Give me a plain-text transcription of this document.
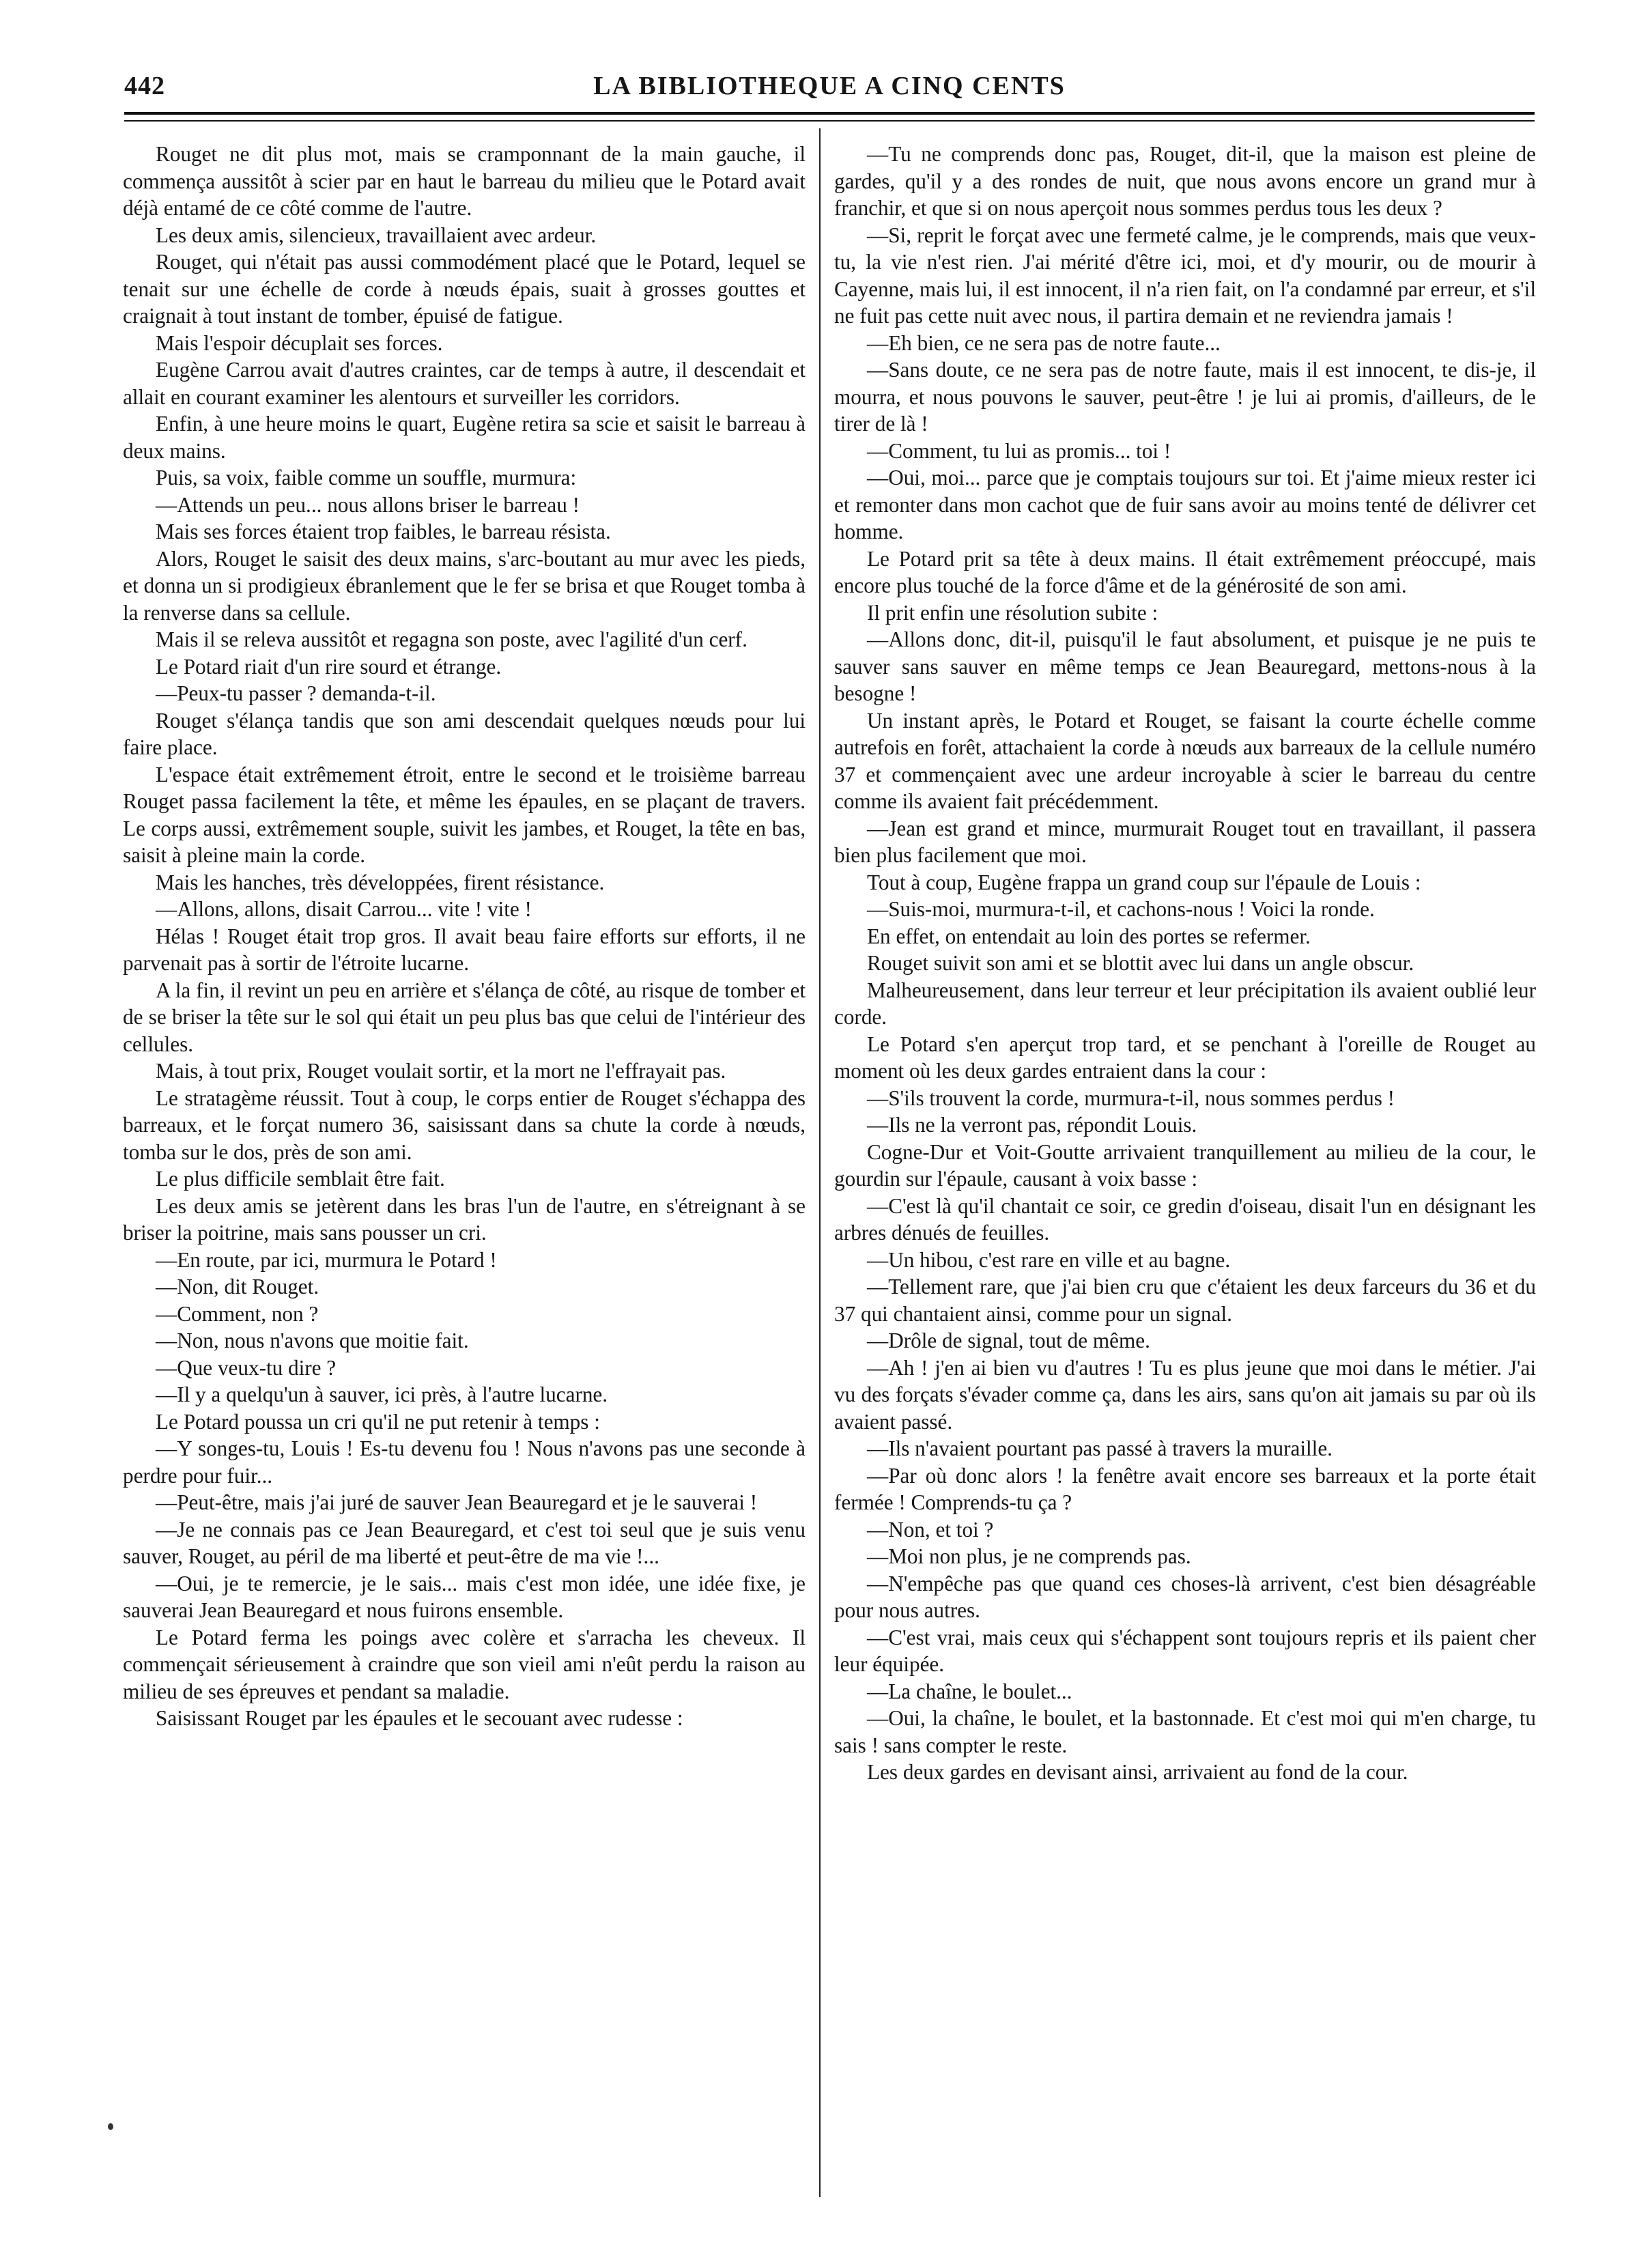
442	LA BIBLIOTHEQUE A CINQ CENTS

Rouget ne dit plus mot, mais se cramponnant de la main gauche, il commença aussitôt à scier par en haut le barreau du milieu que le Potard avait déjà entamé de ce côté comme de l'autre.

Les deux amis, silencieux, travaillaient avec ardeur.

Rouget, qui n'était pas aussi commodément placé que le Potard, lequel se tenait sur une échelle de corde à nœuds épais, suait à grosses gouttes et craignait à tout instant de tomber, épuisé de fatigue.

Mais l'espoir décuplait ses forces.

Eugène Carrou avait d'autres craintes, car de temps à autre, il descendait et allait en courant examiner les alentours et surveiller les corridors.

Enfin, à une heure moins le quart, Eugène retira sa scie et saisit le barreau à deux mains.

Puis, sa voix, faible comme un souffle, murmura:

—Attends un peu... nous allons briser le barreau !

Mais ses forces étaient trop faibles, le barreau résista.

Alors, Rouget le saisit des deux mains, s'arc-boutant au mur avec les pieds, et donna un si prodigieux ébranlement que le fer se brisa et que Rouget tomba à la renverse dans sa cellule.

Mais il se releva aussitôt et regagna son poste, avec l'agilité d'un cerf.

Le Potard riait d'un rire sourd et étrange.

—Peux-tu passer ? demanda-t-il.

Rouget s'élança tandis que son ami descendait quelques nœuds pour lui faire place.

L'espace était extrêmement étroit, entre le second et le troisième barreau Rouget passa facilement la tête, et même les épaules, en se plaçant de travers. Le corps aussi, extrêmement souple, suivit les jambes, et Rouget, la tête en bas, saisit à pleine main la corde.

Mais les hanches, très développées, firent résistance.

—Allons, allons, disait Carrou... vite ! vite !

Hélas ! Rouget était trop gros. Il avait beau faire efforts sur efforts, il ne parvenait pas à sortir de l'étroite lucarne.

A la fin, il revint un peu en arrière et s'élança de côté, au risque de tomber et de se briser la tête sur le sol qui était un peu plus bas que celui de l'intérieur des cellules.

Mais, à tout prix, Rouget voulait sortir, et la mort ne l'effrayait pas.

Le stratagème réussit. Tout à coup, le corps entier de Rouget s'échappa des barreaux, et le forçat numero 36, saisissant dans sa chute la corde à nœuds, tomba sur le dos, près de son ami.

Le plus difficile semblait être fait.

Les deux amis se jetèrent dans les bras l'un de l'autre, en s'étreignant à se briser la poitrine, mais sans pousser un cri.

—En route, par ici, murmura le Potard !

—Non, dit Rouget.

—Comment, non ?

—Non, nous n'avons que moitie fait.

—Que veux-tu dire ?

—Il y a quelqu'un à sauver, ici près, à l'autre lucarne.

Le Potard poussa un cri qu'il ne put retenir à temps :

—Y songes-tu, Louis ! Es-tu devenu fou ! Nous n'avons pas une seconde à perdre pour fuir...

—Peut-être, mais j'ai juré de sauver Jean Beauregard et je le sauverai !

—Je ne connais pas ce Jean Beauregard, et c'est toi seul que je suis venu sauver, Rouget, au péril de ma liberté et peut-être de ma vie !...

—Oui, je te remercie, je le sais... mais c'est mon idée, une idée fixe, je sauverai Jean Beauregard et nous fuirons ensemble.

Le Potard ferma les poings avec colère et s'arracha les cheveux. Il commençait sérieusement à craindre que son vieil ami n'eût perdu la raison au milieu de ses épreuves et pendant sa maladie.

Saisissant Rouget par les épaules et le secouant avec rudesse :

—Tu ne comprends donc pas, Rouget, dit-il, que la maison est pleine de gardes, qu'il y a des rondes de nuit, que nous avons encore un grand mur à franchir, et que si on nous aperçoit nous sommes perdus tous les deux ?

—Si, reprit le forçat avec une fermeté calme, je le comprends, mais que veux-tu, la vie n'est rien. J'ai mérité d'être ici, moi, et d'y mourir, ou de mourir à Cayenne, mais lui, il est innocent, il n'a rien fait, on l'a condamné par erreur, et s'il ne fuit pas cette nuit avec nous, il partira demain et ne reviendra jamais !

—Eh bien, ce ne sera pas de notre faute...

—Sans doute, ce ne sera pas de notre faute, mais il est innocent, te dis-je, il mourra, et nous pouvons le sauver, peut-être ! je lui ai promis, d'ailleurs, de le tirer de là !

—Comment, tu lui as promis... toi !

—Oui, moi... parce que je comptais toujours sur toi. Et j'aime mieux rester ici et remonter dans mon cachot que de fuir sans avoir au moins tenté de délivrer cet homme.

Le Potard prit sa tête à deux mains. Il était extrêmement préoccupé, mais encore plus touché de la force d'âme et de la générosité de son ami.

Il prit enfin une résolution subite :

—Allons donc, dit-il, puisqu'il le faut absolument, et puisque je ne puis te sauver sans sauver en même temps ce Jean Beauregard, mettons-nous à la besogne !

Un instant après, le Potard et Rouget, se faisant la courte échelle comme autrefois en forêt, attachaient la corde à nœuds aux barreaux de la cellule numéro 37 et commençaient avec une ardeur incroyable à scier le barreau du centre comme ils avaient fait précédemment.

—Jean est grand et mince, murmurait Rouget tout en travaillant, il passera bien plus facilement que moi.

Tout à coup, Eugène frappa un grand coup sur l'épaule de Louis :

—Suis-moi, murmura-t-il, et cachons-nous ! Voici la ronde.

En effet, on entendait au loin des portes se refermer.

Rouget suivit son ami et se blottit avec lui dans un angle obscur.

Malheureusement, dans leur terreur et leur précipitation ils avaient oublié leur corde.

Le Potard s'en aperçut trop tard, et se penchant à l'oreille de Rouget au moment où les deux gardes entraient dans la cour :

—S'ils trouvent la corde, murmura-t-il, nous sommes perdus !

—Ils ne la verront pas, répondit Louis.

Cogne-Dur et Voit-Goutte arrivaient tranquillement au milieu de la cour, le gourdin sur l'épaule, causant à voix basse :

—C'est là qu'il chantait ce soir, ce gredin d'oiseau, disait l'un en désignant les arbres dénués de feuilles.

—Un hibou, c'est rare en ville et au bagne.

—Tellement rare, que j'ai bien cru que c'étaient les deux farceurs du 36 et du 37 qui chantaient ainsi, comme pour un signal.

—Drôle de signal, tout de même.

—Ah ! j'en ai bien vu d'autres ! Tu es plus jeune que moi dans le métier. J'ai vu des forçats s'évader comme ça, dans les airs, sans qu'on ait jamais su par où ils avaient passé.

—Ils n'avaient pourtant pas passé à travers la muraille.

—Par où donc alors ! la fenêtre avait encore ses barreaux et la porte était fermée ! Comprends-tu ça ?

—Non, et toi ?

—Moi non plus, je ne comprends pas.

—N'empêche pas que quand ces choses-là arrivent, c'est bien désagréable pour nous autres.

—C'est vrai, mais ceux qui s'échappent sont toujours repris et ils paient cher leur équipée.

—La chaîne, le boulet...

—Oui, la chaîne, le boulet, et la bastonnade. Et c'est moi qui m'en charge, tu sais ! sans compter le reste.

Les deux gardes en devisant ainsi, arrivaient au fond de la cour.
